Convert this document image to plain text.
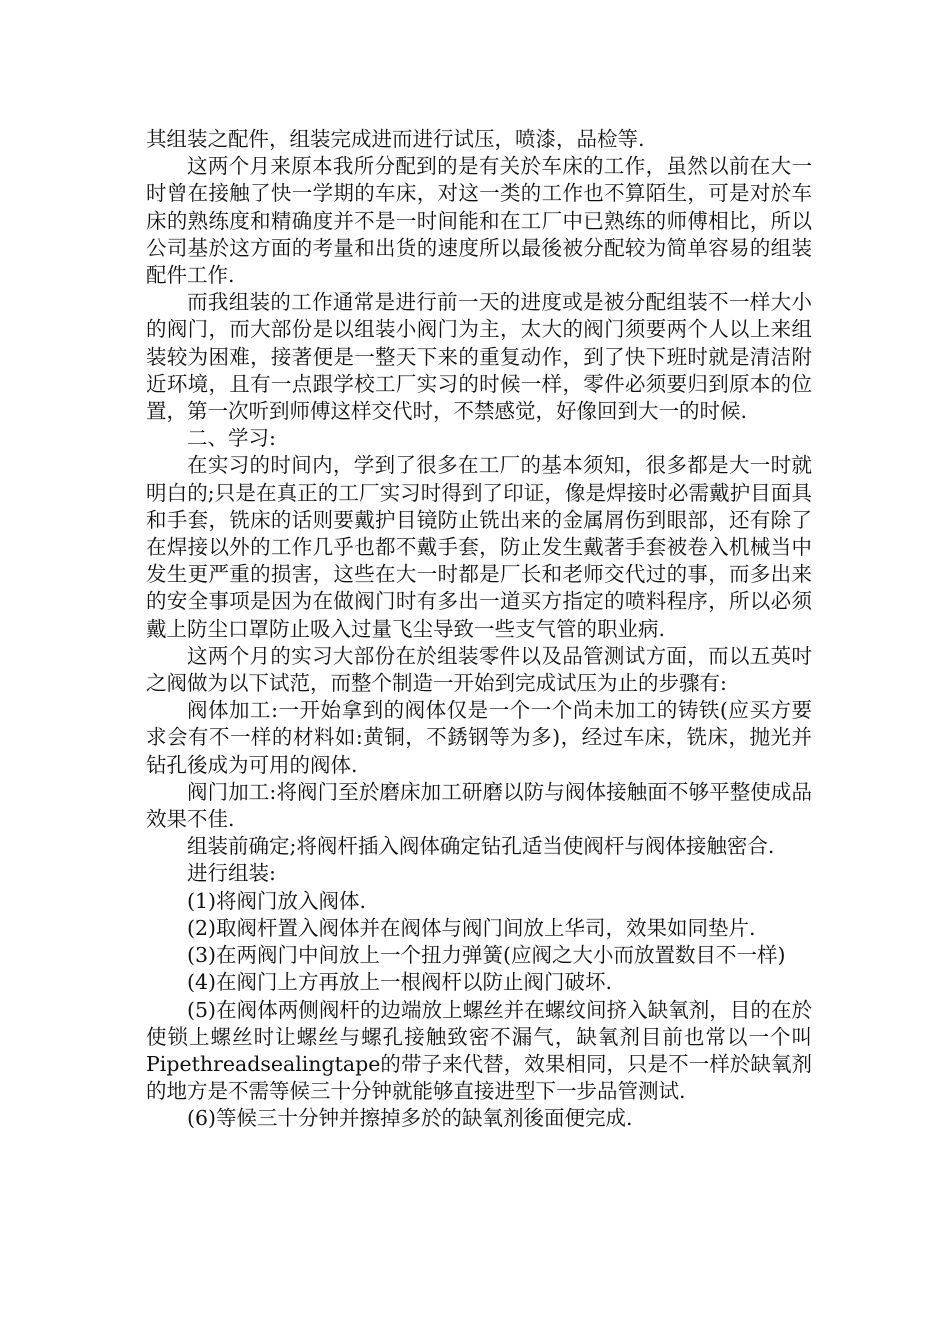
其组装之配件，组装完成进而进行试压，喷漆，品检等.

这两个月来原本我所分配到的是有关於车床的工作，虽然以前在大一时曾在接触了快一学期的车床，对这一类的工作也不算陌生，可是对於车床的熟练度和精确度并不是一时间能和在工厂中已熟练的师傅相比，所以公司基於这方面的考量和出货的速度所以最後被分配较为简单容易的组装配件工作.

而我组装的工作通常是进行前一天的进度或是被分配组装不一样大小的阀门，而大部份是以组装小阀门为主，太大的阀门须要两个人以上来组装较为困难，接著便是一整天下来的重复动作，到了快下班时就是清洁附近环境，且有一点跟学校工厂实习的时候一样，零件必须要归到原本的位置，第一次听到师傅这样交代时，不禁感觉，好像回到大一的时候.

二、学习:

在实习的时间内，学到了很多在工厂的基本须知，很多都是大一时就明白的;只是在真正的工厂实习时得到了印证，像是焊接时必需戴护目面具和手套，铣床的话则要戴护目镜防止铣出来的金属屑伤到眼部，还有除了在焊接以外的工作几乎也都不戴手套，防止发生戴著手套被卷入机械当中发生更严重的损害，这些在大一时都是厂长和老师交代过的事，而多出来的安全事项是因为在做阀门时有多出一道买方指定的喷料程序，所以必须戴上防尘口罩防止吸入过量飞尘导致一些支气管的职业病.

这两个月的实习大部份在於组装零件以及品管测试方面，而以五英吋之阀做为以下试范，而整个制造一开始到完成试压为止的步骤有:

阀体加工:一开始拿到的阀体仅是一个一个尚未加工的铸铁(应买方要求会有不一样的材料如:黄铜，不銹钢等为多)，经过车床，铣床，抛光并钻孔後成为可用的阀体.

阀门加工:将阀门至於磨床加工研磨以防与阀体接触面不够平整使成品效果不佳.

组装前确定;将阀杆插入阀体确定钻孔适当使阀杆与阀体接触密合.

进行组装:

(1)将阀门放入阀体.

(2)取阀杆置入阀体并在阀体与阀门间放上华司，效果如同垫片.

(3)在两阀门中间放上一个扭力弹簧(应阀之大小而放置数目不一样)

(4)在阀门上方再放上一根阀杆以防止阀门破坏.

(5)在阀体两侧阀杆的边端放上螺丝并在螺纹间挤入缺氧剂，目的在於使锁上螺丝时让螺丝与螺孔接触致密不漏气，缺氧剂目前也常以一个叫Pipethreadsealingtape的带子来代替，效果相同，只是不一样於缺氧剂的地方是不需等候三十分钟就能够直接进型下一步品管测试.

(6)等候三十分钟并擦掉多於的缺氧剂後面便完成.
